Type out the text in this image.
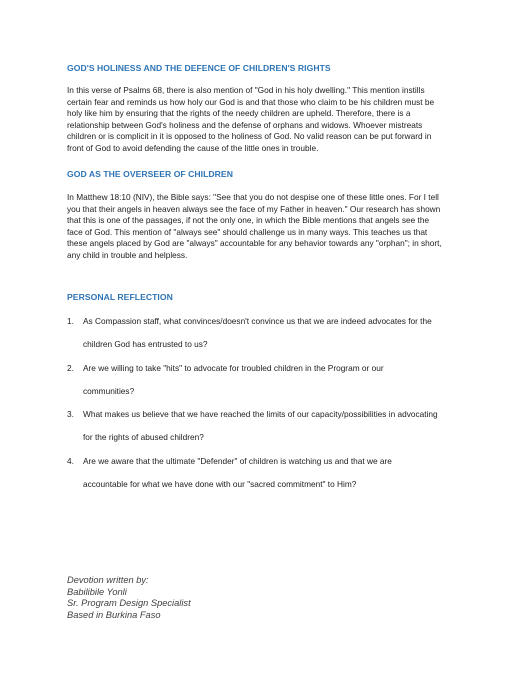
GOD'S HOLINESS AND THE DEFENCE OF CHILDREN'S RIGHTS
In this verse of Psalms 68, there is also mention of "God in his holy dwelling." This mention instills
certain fear and reminds us how holy our God is and that those who claim to be his children must be
holy like him by ensuring that the rights of the needy children are upheld. Therefore, there is a
relationship between God's holiness and the defense of orphans and widows. Whoever mistreats
children or is complicit in it is opposed to the holiness of God. No valid reason can be put forward in
front of God to avoid defending the cause of the little ones in trouble.
GOD AS THE OVERSEER OF CHILDREN
In Matthew 18:10 (NIV), the Bible says: "See that you do not despise one of these little ones. For I tell
you that their angels in heaven always see the face of my Father in heaven." Our research has shown
that this is one of the passages, if not the only one, in which the Bible mentions that angels see the
face of God. This mention of "always see" should challenge us in many ways. This teaches us that
these angels placed by God are "always" accountable for any behavior towards any "orphan"; in short,
any child in trouble and helpless.
PERSONAL REFLECTION
1. As Compassion staff, what convinces/doesn't convince us that we are indeed advocates for the
children God has entrusted to us?
2. Are we willing to take "hits" to advocate for troubled children in the Program or our
communities?
3. What makes us believe that we have reached the limits of our capacity/possibilities in advocating
for the rights of abused children?
4. Are we aware that the ultimate "Defender" of children is watching us and that we are
accountable for what we have done with our "sacred commitment" to Him?
Devotion written by:
Babilibile Yonli
Sr. Program Design Specialist
Based in Burkina Faso
